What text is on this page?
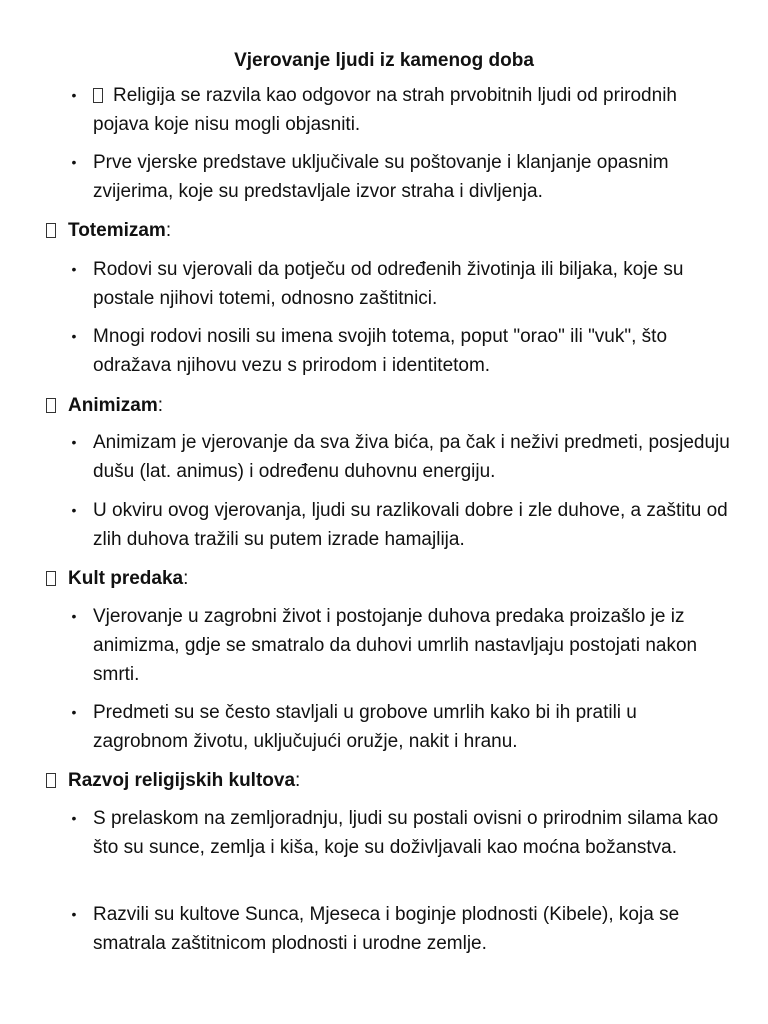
Vjerovanje ljudi iz kamenog doba
• Religija se razvila kao odgovor na strah prvobitnih ljudi od prirodnih pojava koje nisu mogli objasniti.
• Prve vjerske predstave uključivale su poštovanje i klanjanje opasnim zvijerima, koje su predstavljale izvor straha i divljenja.
Totemizam:
• Rodovi su vjerovali da potječu od određenih životinja ili biljaka, koje su postale njihovi totemi, odnosno zaštitnici.
• Mnogi rodovi nosili su imena svojih totema, poput "orao" ili "vuk", što odražava njihovu vezu s prirodom i identitetom.
Animizam:
• Animizam je vjerovanje da sva živa bića, pa čak i neživi predmeti, posjeduju dušu (lat. animus) i određenu duhovnu energiju.
• U okviru ovog vjerovanja, ljudi su razlikovali dobre i zle duhove, a zaštitu od zlih duhova tražili su putem izrade hamajlija.
Kult predaka:
• Vjerovanje u zagrobni život i postojanje duhova predaka proizašlo je iz animizma, gdje se smatralo da duhovi umrlih nastavljaju postojati nakon smrti.
• Predmeti su se često stavljali u grobove umrlih kako bi ih pratili u zagrobnom životu, uključujući oružje, nakit i hranu.
Razvoj religijskih kultova:
• S prelaskom na zemljoradnju, ljudi su postali ovisni o prirodnim silama kao što su sunce, zemlja i kiša, koje su doživljavali kao moćna božanstva.
• Razvili su kultove Sunca, Mjeseca i boginje plodnosti (Kibele), koja se smatrala zaštitnicom plodnosti i urodne zemlje.
